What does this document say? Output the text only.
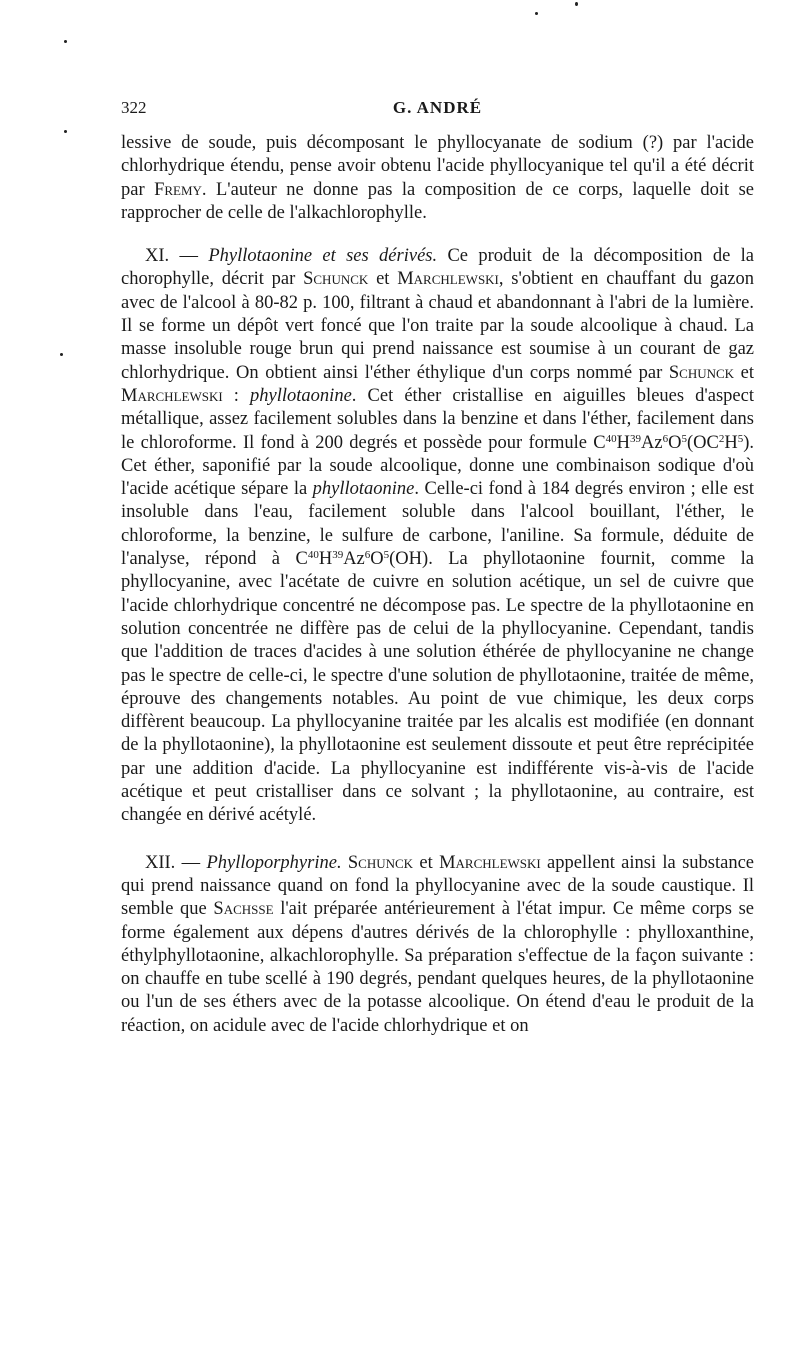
322	G. ANDRÉ

lessive de soude, puis décomposant le phyllocyanate de sodium (?) par l'acide chlorhydrique étendu, pense avoir obtenu l'acide phyllocyanique tel qu'il a été décrit par Fremy. L'auteur ne donne pas la composition de ce corps, laquelle doit se rapprocher de celle de l'alkachlorophylle.

XI. — Phyllotaonine et ses dérivés. Ce produit de la décomposition de la chorophylle, décrit par Schunck et Marchlewski, s'obtient en chauffant du gazon avec de l'alcool à 80-82 p. 100, filtrant à chaud et abandonnant à l'abri de la lumière. Il se forme un dépôt vert foncé que l'on traite par la soude alcoolique à chaud. La masse insoluble rouge brun qui prend naissance est soumise à un courant de gaz chlorhydrique. On obtient ainsi l'éther éthylique d'un corps nommé par Schunck et Marchlewski : phyllotaonine. Cet éther cristallise en aiguilles bleues d'aspect métallique, assez facilement solubles dans la benzine et dans l'éther, facilement dans le chloroforme. Il fond à 200 degrés et possède pour formule $C^{40}H^{39}Az^6O^5(OC^2H^5)$. Cet éther, saponifié par la soude alcoolique, donne une combinaison sodique d'où l'acide acétique sépare la phyllotaonine. Celle-ci fond à 184 degrés environ ; elle est insoluble dans l'eau, facilement soluble dans l'alcool bouillant, l'éther, le chloroforme, la benzine, le sulfure de carbone, l'aniline. Sa formule, déduite de l'analyse, répond à $C^{40}H^{39}Az^6O^5(OH)$. La phyllotaonine fournit, comme la phyllocyanine, avec l'acétate de cuivre en solution acétique, un sel de cuivre que l'acide chlorhydrique concentré ne décompose pas. Le spectre de la phyllotaonine en solution concentrée ne diffère pas de celui de la phyllocyanine. Cependant, tandis que l'addition de traces d'acides à une solution éthérée de phyllocyanine ne change pas le spectre de celle-ci, le spectre d'une solution de phyllotaonine, traitée de même, éprouve des changements notables. Au point de vue chimique, les deux corps diffèrent beaucoup. La phyllocyanine traitée par les alcalis est modifiée (en donnant de la phyllotaonine), la phyllotaonine est seulement dissoute et peut être reprécipitée par une addition d'acide. La phyllocyanine est indifférente vis-à-vis de l'acide acétique et peut cristalliser dans ce solvant ; la phyllotaonine, au contraire, est changée en dérivé acétylé.

XII. — Phylloporphyrine. Schunck et Marchlewski appellent ainsi la substance qui prend naissance quand on fond la phyllocyanine avec de la soude caustique. Il semble que Sachsse l'ait préparée antérieurement à l'état impur. Ce même corps se forme également aux dépens d'autres dérivés de la chlorophylle : phylloxanthine, éthylphyllotaonine, alkachlorophylle. Sa préparation s'effectue de la façon suivante : on chauffe en tube scellé à 190 degrés, pendant quelques heures, de la phyllotaonine ou l'un de ses éthers avec de la potasse alcoolique. On étend d'eau le produit de la réaction, on acidule avec de l'acide chlorhydrique et on
